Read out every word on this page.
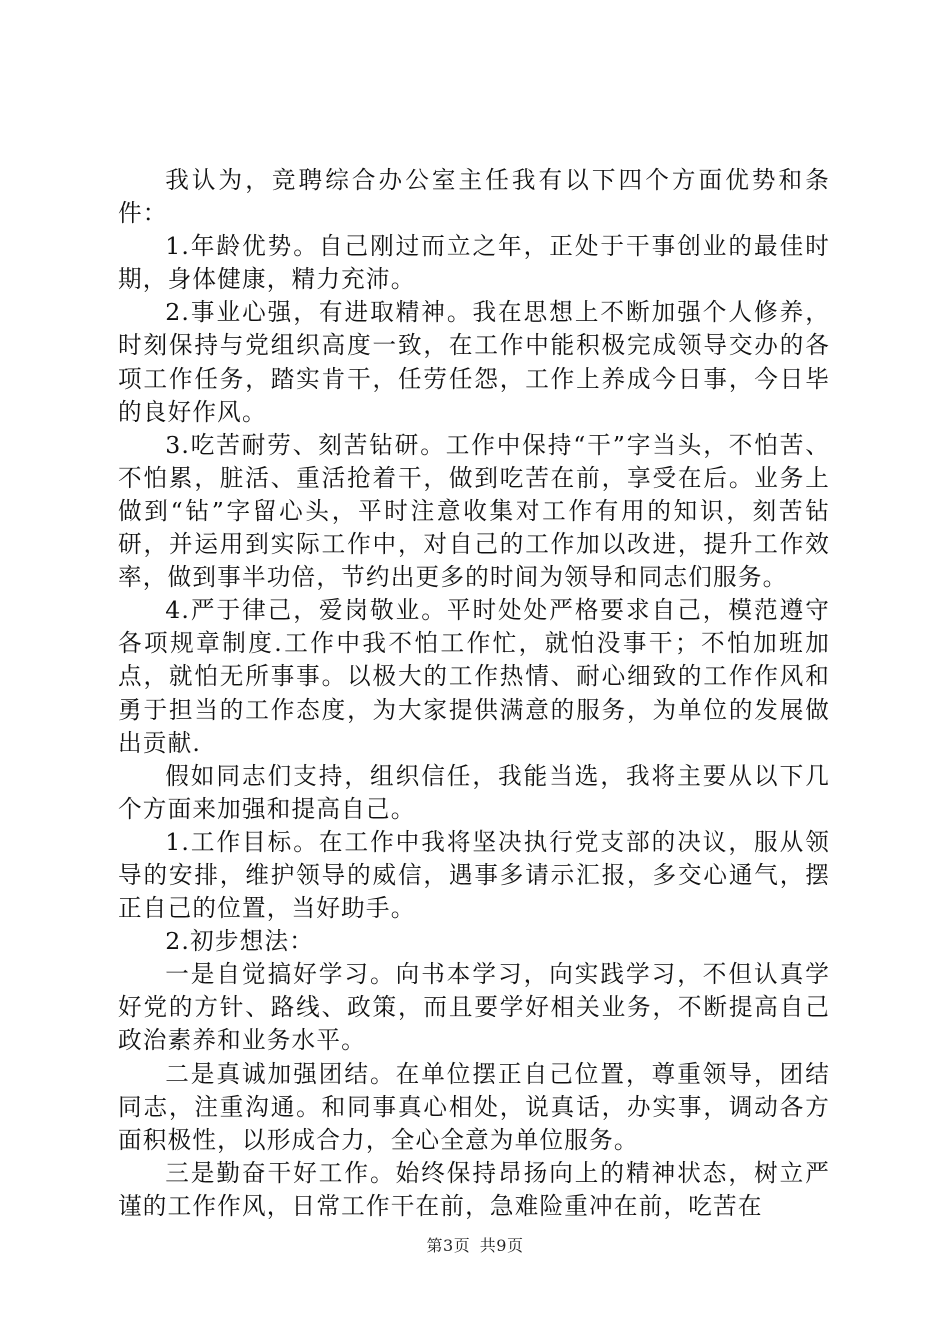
我认为，竞聘综合办公室主任我有以下四个方面优势和条件：

1.年龄优势。自己刚过而立之年，正处于干事创业的最佳时期，身体健康，精力充沛。

2.事业心强，有进取精神。我在思想上不断加强个人修养，时刻保持与党组织高度一致，在工作中能积极完成领导交办的各项工作任务，踏实肯干，任劳任怨，工作上养成今日事，今日毕的良好作风。

3.吃苦耐劳、刻苦钻研。工作中保持“干”字当头，不怕苦、不怕累，脏活、重活抢着干，做到吃苦在前，享受在后。业务上做到“钻”字留心头，平时注意收集对工作有用的知识，刻苦钻研，并运用到实际工作中，对自己的工作加以改进，提升工作效率，做到事半功倍，节约出更多的时间为领导和同志们服务。

4.严于律己，爱岗敬业。平时处处严格要求自己，模范遵守各项规章制度.工作中我不怕工作忙，就怕没事干；不怕加班加点，就怕无所事事。以极大的工作热情、耐心细致的工作作风和勇于担当的工作态度，为大家提供满意的服务，为单位的发展做出贡献.

假如同志们支持，组织信任，我能当选，我将主要从以下几个方面来加强和提高自己。

1.工作目标。在工作中我将坚决执行党支部的决议，服从领导的安排，维护领导的威信，遇事多请示汇报，多交心通气，摆正自己的位置，当好助手。

2.初步想法：

一是自觉搞好学习。向书本学习，向实践学习，不但认真学好党的方针、路线、政策，而且要学好相关业务，不断提高自己政治素养和业务水平。

二是真诚加强团结。在单位摆正自己位置，尊重领导，团结同志，注重沟通。和同事真心相处，说真话，办实事，调动各方面积极性，以形成合力，全心全意为单位服务。

三是勤奋干好工作。始终保持昂扬向上的精神状态，树立严谨的工作作风，日常工作干在前，急难险重冲在前，吃苦在

第3页 共9页
